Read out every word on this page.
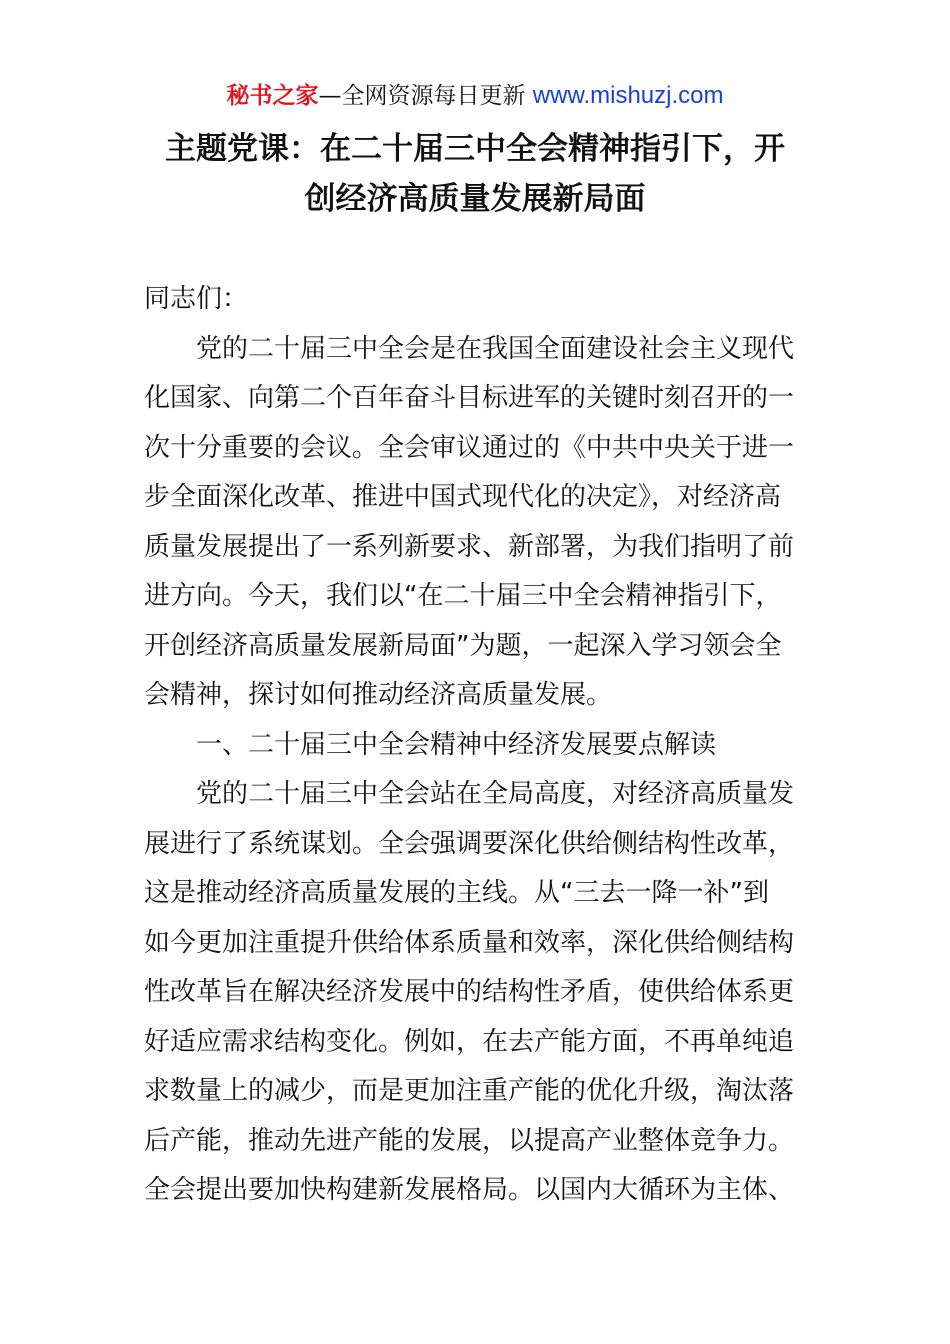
秘书之家—全网资源每日更新 www.mishuzj.com
主题党课：在二十届三中全会精神指引下，开
创经济高质量发展新局面
同志们：
党的二十届三中全会是在我国全面建设社会主义现代
化国家、向第二个百年奋斗目标进军的关键时刻召开的一
次十分重要的会议。全会审议通过的《中共中央关于进一
步全面深化改革、推进中国式现代化的决定》，对经济高
质量发展提出了一系列新要求、新部署，为我们指明了前
进方向。今天，我们以“在二十届三中全会精神指引下，
开创经济高质量发展新局面”为题，一起深入学习领会全
会精神，探讨如何推动经济高质量发展。
一、二十届三中全会精神中经济发展要点解读
党的二十届三中全会站在全局高度，对经济高质量发
展进行了系统谋划。全会强调要深化供给侧结构性改革，
这是推动经济高质量发展的主线。从“三去一降一补”到
如今更加注重提升供给体系质量和效率，深化供给侧结构
性改革旨在解决经济发展中的结构性矛盾，使供给体系更
好适应需求结构变化。例如，在去产能方面，不再单纯追
求数量上的减少，而是更加注重产能的优化升级，淘汰落
后产能，推动先进产能的发展，以提高产业整体竞争力。
全会提出要加快构建新发展格局。以国内大循环为主体、
